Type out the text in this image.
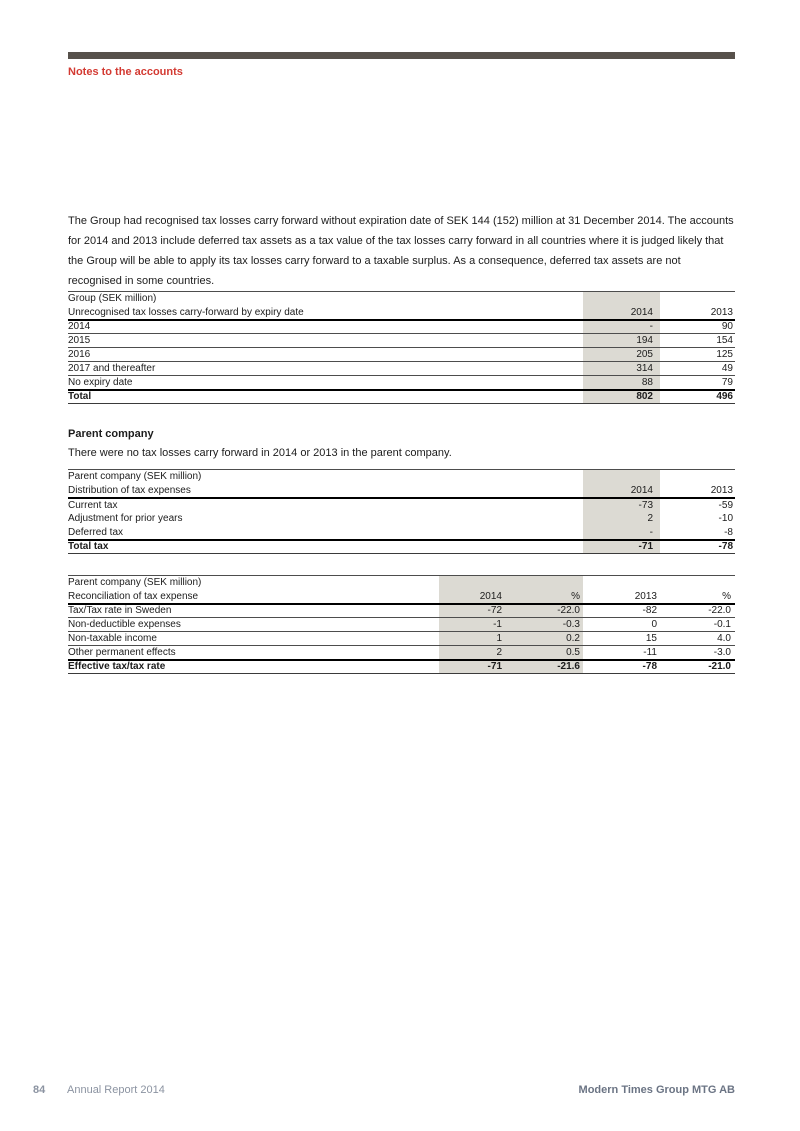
Notes to the accounts

The Group had recognised tax losses carry forward without expiration date of SEK 144 (152) million at 31 December 2014. The accounts for 2014 and 2013 include deferred tax assets as a tax value of the tax losses carry forward in all countries where it is judged likely that the Group will be able to apply its tax losses carry forward to a taxable surplus. As a consequence, deferred tax assets are not recognised in some countries.

Group (SEK million)		
Unrecognised tax losses carry-forward by expiry date	2014	2013
2014	-	90
2015	194	154
2016	205	125
2017 and thereafter	314	49
No expiry date	88	79
Total	802	496
Parent company
There were no tax losses carry forward in 2014 or 2013 in the parent company.
Parent company (SEK million)		
Distribution of tax expenses	2014	2013
Current tax	-73	-59
Adjustment for prior years	2	-10
Deferred tax	-	-8
Total tax	-71	-78
Parent company (SEK million)				
Reconciliation of tax expense	2014	%	2013	%
Tax/Tax rate in Sweden	-72	-22.0	-82	-22.0
Non-deductible expenses	-1	-0.3	0	-0.1
Non-taxable income	1	0.2	15	4.0
Other permanent effects	2	0.5	-11	-3.0
Effective tax/tax rate	-71	-21.6	-78	-21.0
84 Annual Report 2014	Modern Times Group MTG AB
